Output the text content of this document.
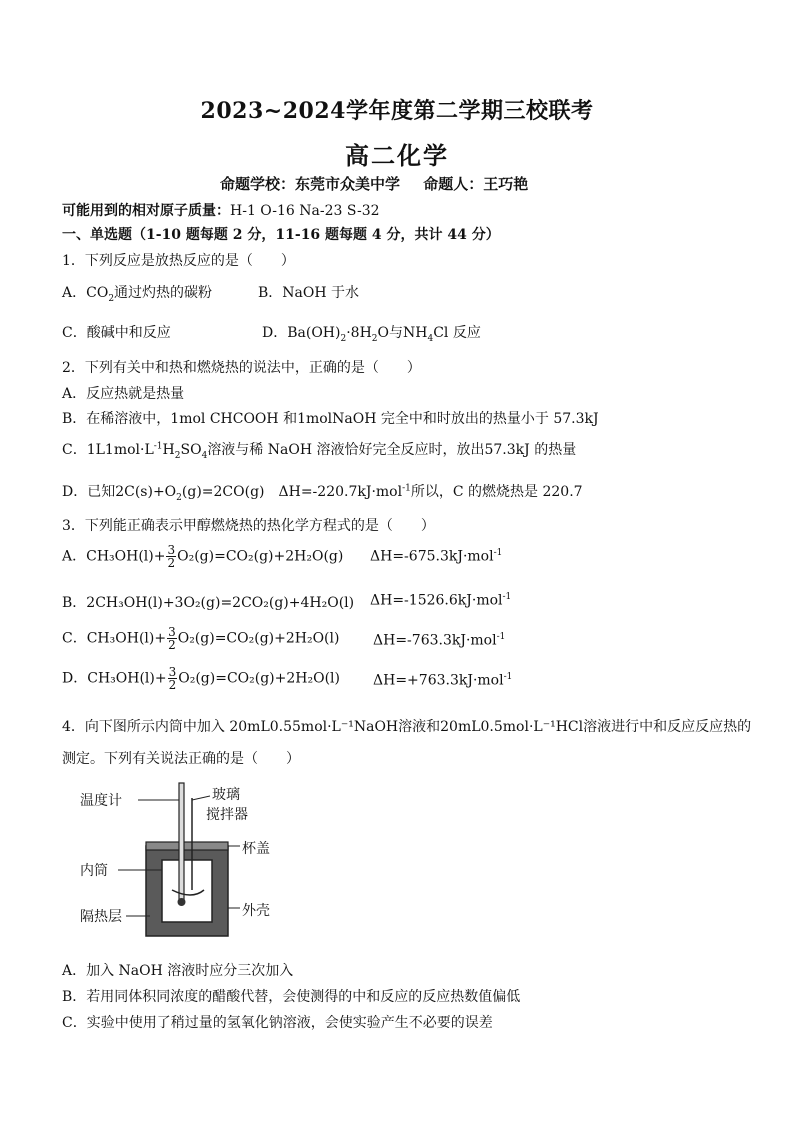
2023~2024学年度第二学期三校联考
高二化学
命题学校：东莞市众美中学 命题人：王巧艳
可能用到的相对原子质量：H-1 O-16 Na-23 S-32
一、单选题（1-10 题每题 2 分，11-16 题每题 4 分，共计 44 分）
1．下列反应是放热反应的是（　　）
A．$CO_2$通过灼热的碳粉	B．NaOH 于水
C．酸碱中和反应	D．$Ba(OH)_2\cdot 8H_2O$与$NH_4Cl$ 反应
2．下列有关中和热和燃烧热的说法中，正确的是（　　）
A．反应热就是热量
B．在稀溶液中，1mol CHCOOH 和1molNaOH 完全中和时放出的热量小于 57.3kJ
C．$1L1mol\cdot L^{-1}H_2SO_4$溶液与稀 NaOH 溶液恰好完全反应时，放出57.3kJ 的热量
D．已知$2C(s)+O_2(g)=2CO(g)$　ΔH=-220.7kJ·mol$^{-1}$所以，C 的燃烧热是 220.7
3．下列能正确表示甲醇燃烧热的热化学方程式的是（　　）
A．$CH_3OH(l)+ \frac{3}{2} O_2(g)=CO_2(g)+2H_2O(g)$ ΔH=-675.3kJ·mol$^{-1}$
B．2CH₃OH(l)+3O₂(g)=2CO₂(g)+4H₂O(l) ΔH=-1526.6kJ·mol$^{-1}$
C．$CH_3OH(l)+ \frac{3}{2} O_2(g)=CO_2(g)+2H_2O(l)$ ΔH=-763.3kJ·mol$^{-1}$
D．$CH_3OH(l)+ \frac{3}{2} O_2(g)=CO_2(g)+2H_2O(l)$ ΔH=+763.3kJ·mol$^{-1}$
4．向下图所示内筒中加入 20mL0.55mol·L⁻¹NaOH溶液和20mL0.5mol·L⁻¹HCl溶液进行中和反应反应热的
测定。下列有关说法正确的是（　　）
温度计	玻璃
搅拌器
杯盖
内筒
外壳
隔热层
A．加入 NaOH 溶液时应分三次加入
B．若用同体积同浓度的醋酸代替，会使测得的中和反应的反应热数值偏低
C．实验中使用了稍过量的氢氧化钠溶液，会使实验产生不必要的误差
